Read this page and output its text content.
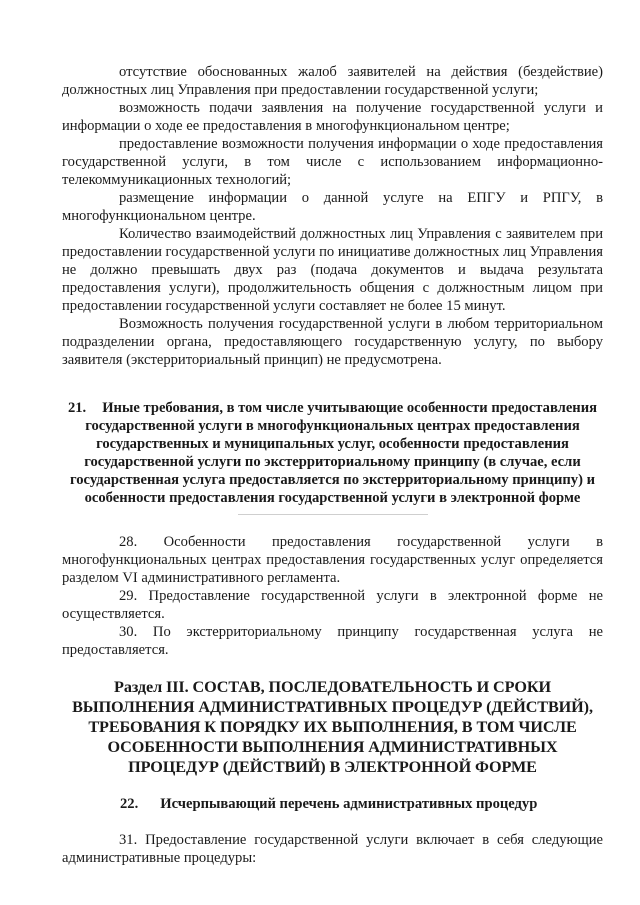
отсутствие обоснованных жалоб заявителей на действия (бездействие) должностных лиц Управления при предоставлении государственной услуги;

возможность подачи заявления на получение государственной услуги и информации о ходе ее предоставления в многофункциональном центре;

предоставление возможности получения информации о ходе предоставления государственной услуги, в том числе с использованием информационно-телекоммуникационных технологий;

размещение информации о данной услуге на ЕПГУ и РПГУ, в многофункциональном центре.

Количество взаимодействий должностных лиц Управления с заявителем при предоставлении государственной услуги по инициативе должностных лиц Управления не должно превышать двух раз (подача документов и выдача результата предоставления услуги), продолжительность общения с должностным лицом при предоставлении государственной услуги составляет не более 15 минут.

Возможность получения государственной услуги в любом территориальном подразделении органа, предоставляющего государственную услугу, по выбору заявителя (экстерриториальный принцип) не предусмотрена.

21. Иные требования, в том числе учитывающие особенности предоставления государственной услуги в многофункциональных центрах предоставления государственных и муниципальных услуг, особенности предоставления государственной услуги по экстерриториальному принципу (в случае, если государственная услуга предоставляется по экстерриториальному принципу) и особенности предоставления государственной услуги в электронной форме

28. Особенности предоставления государственной услуги в многофункциональных центрах предоставления государственных услуг определяется разделом VI административного регламента.

29. Предоставление государственной услуги в электронной форме не осуществляется.

30. По экстерриториальному принципу государственная услуга не предоставляется.

Раздел III. СОСТАВ, ПОСЛЕДОВАТЕЛЬНОСТЬ И СРОКИ ВЫПОЛНЕНИЯ АДМИНИСТРАТИВНЫХ ПРОЦЕДУР (ДЕЙСТВИЙ), ТРЕБОВАНИЯ К ПОРЯДКУ ИХ ВЫПОЛНЕНИЯ, В ТОМ ЧИСЛЕ ОСОБЕННОСТИ ВЫПОЛНЕНИЯ АДМИНИСТРАТИВНЫХ ПРОЦЕДУР (ДЕЙСТВИЙ) В ЭЛЕКТРОННОЙ ФОРМЕ
22. Исчерпывающий перечень административных процедур

31. Предоставление государственной услуги включает в себя следующие административные процедуры:
